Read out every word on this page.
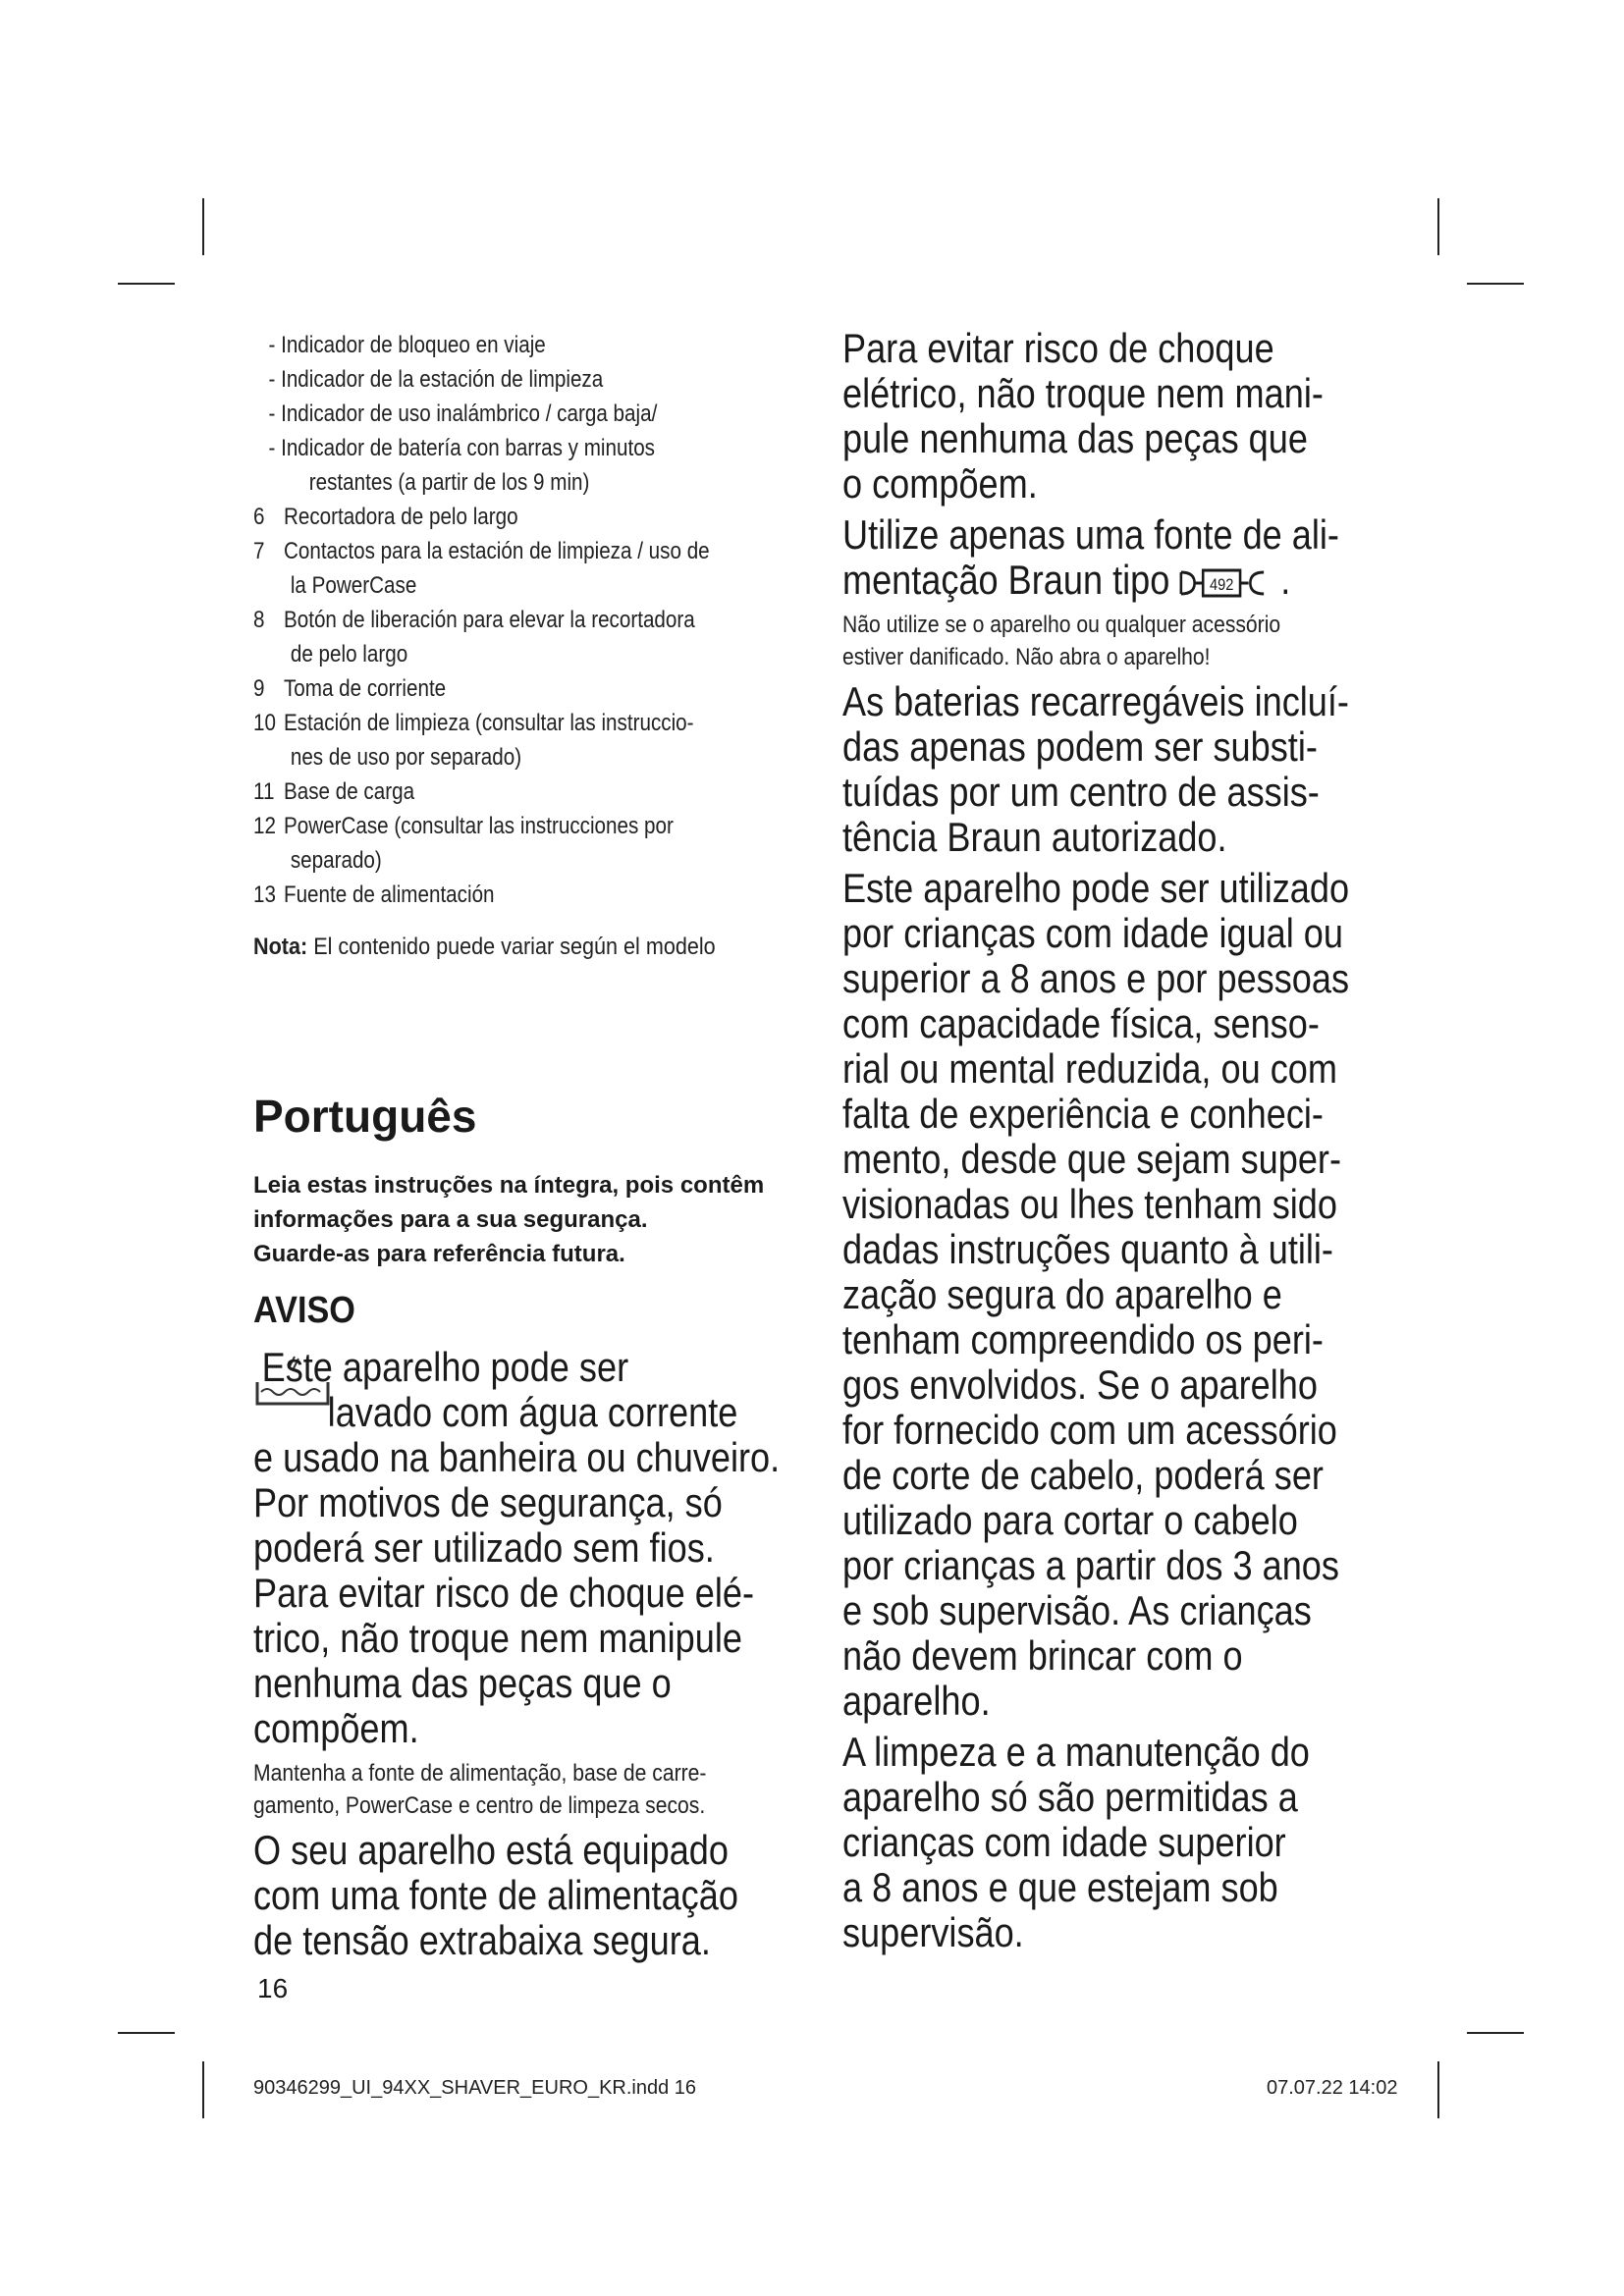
- Indicador de bloqueo en viaje
- Indicador de la estación de limpieza
- Indicador de uso inalámbrico / carga baja/
- Indicador de batería con barras y minutos
restantes (a partir de los 9 min)
6 Recortadora de pelo largo
7 Contactos para la estación de limpieza / uso de
la PowerCase
8 Botón de liberación para elevar la recortadora
de pelo largo
9 Toma de corriente
10 Estación de limpieza (consultar las instruccio-
nes de uso por separado)
11 Base de carga
12 PowerCase (consultar las instrucciones por
separado)
13 Fuente de alimentación
Nota: El contenido puede variar según el modelo
Português
Leia estas instruções na íntegra, pois contêm
informações para a sua segurança.
Guarde-as para referência futura.
AVISO
Este aparelho pode ser
lavado com água corrente
e usado na banheira ou chuveiro.
Por motivos de segurança, só
poderá ser utilizado sem fios.
Para evitar risco de choque elé-
trico, não troque nem manipule
nenhuma das peças que o
compõem.
Mantenha a fonte de alimentação, base de carre-
gamento, PowerCase e centro de limpeza secos.
O seu aparelho está equipado
com uma fonte de alimentação
de tensão extrabaixa segura.
Para evitar risco de choque
elétrico, não troque nem mani-
pule nenhuma das peças que
o compõem.
Utilize apenas uma fonte de ali-
mentação Braun tipo 492 .
Não utilize se o aparelho ou qualquer acessório
estiver danificado. Não abra o aparelho!
As baterias recarregáveis incluí-
das apenas podem ser substi-
tuídas por um centro de assis-
tência Braun autorizado.
Este aparelho pode ser utilizado
por crianças com idade igual ou
superior a 8 anos e por pessoas
com capacidade física, senso-
rial ou mental reduzida, ou com
falta de experiência e conheci-
mento, desde que sejam super-
visionadas ou lhes tenham sido
dadas instruções quanto à utili-
zação segura do aparelho e
tenham compreendido os peri-
gos envolvidos. Se o aparelho
for fornecido com um acessório
de corte de cabelo, poderá ser
utilizado para cortar o cabelo
por crianças a partir dos 3 anos
e sob supervisão. As crianças
não devem brincar com o
aparelho.
A limpeza e a manutenção do
aparelho só são permitidas a
crianças com idade superior
a 8 anos e que estejam sob
supervisão.
16
90346299_UI_94XX_SHAVER_EURO_KR.indd 16	07.07.22 14:02
